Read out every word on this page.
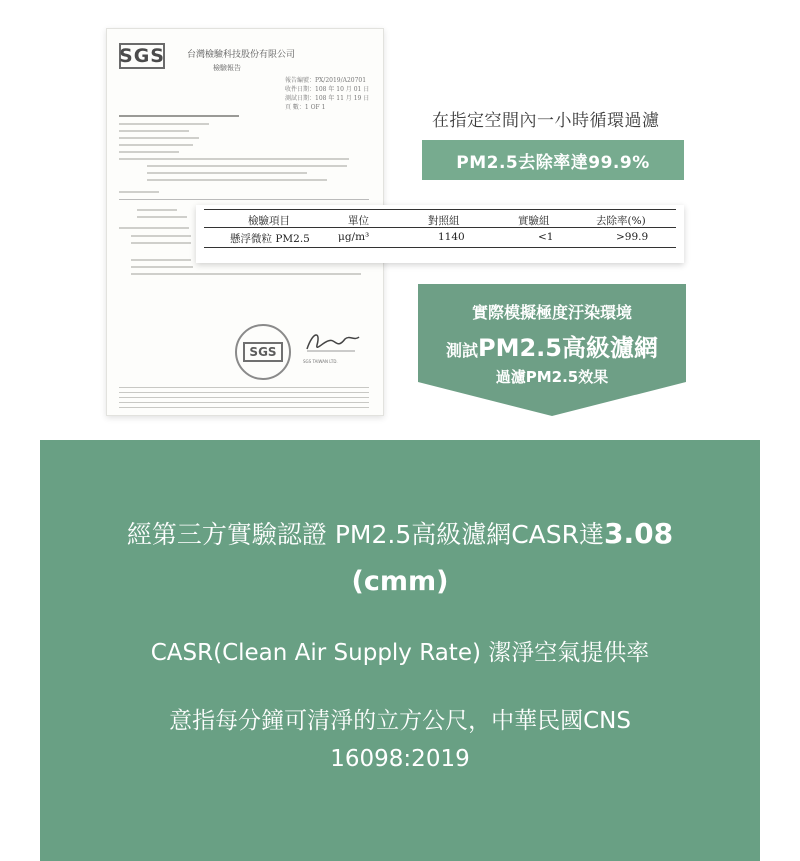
SGS 台灣檢驗科技股份有限公司
檢驗報告
報告編號：PX/2019/A20701
收件日期：108 年 10 月 01 日
測試日期：108 年 11 月 19 日
頁 數：1 OF 1
SGS
SGS TAIWAN LTD.
檢驗項目	單位	對照組	實驗組	去除率(%)
懸浮微粒 PM2.5	μg/m³	1140	<1	>99.9
在指定空間內一小時循環過濾
PM2.5去除率達99.9%
實際模擬極度汙染環境
測試PM2.5高級濾網
過濾PM2.5效果
經第三方實驗認證 PM2.5高級濾網CASR達3.08
(cmm)
CASR(Clean Air Supply Rate) 潔淨空氣提供率
意指每分鐘可清淨的立方公尺，中華民國CNS
16098:2019
